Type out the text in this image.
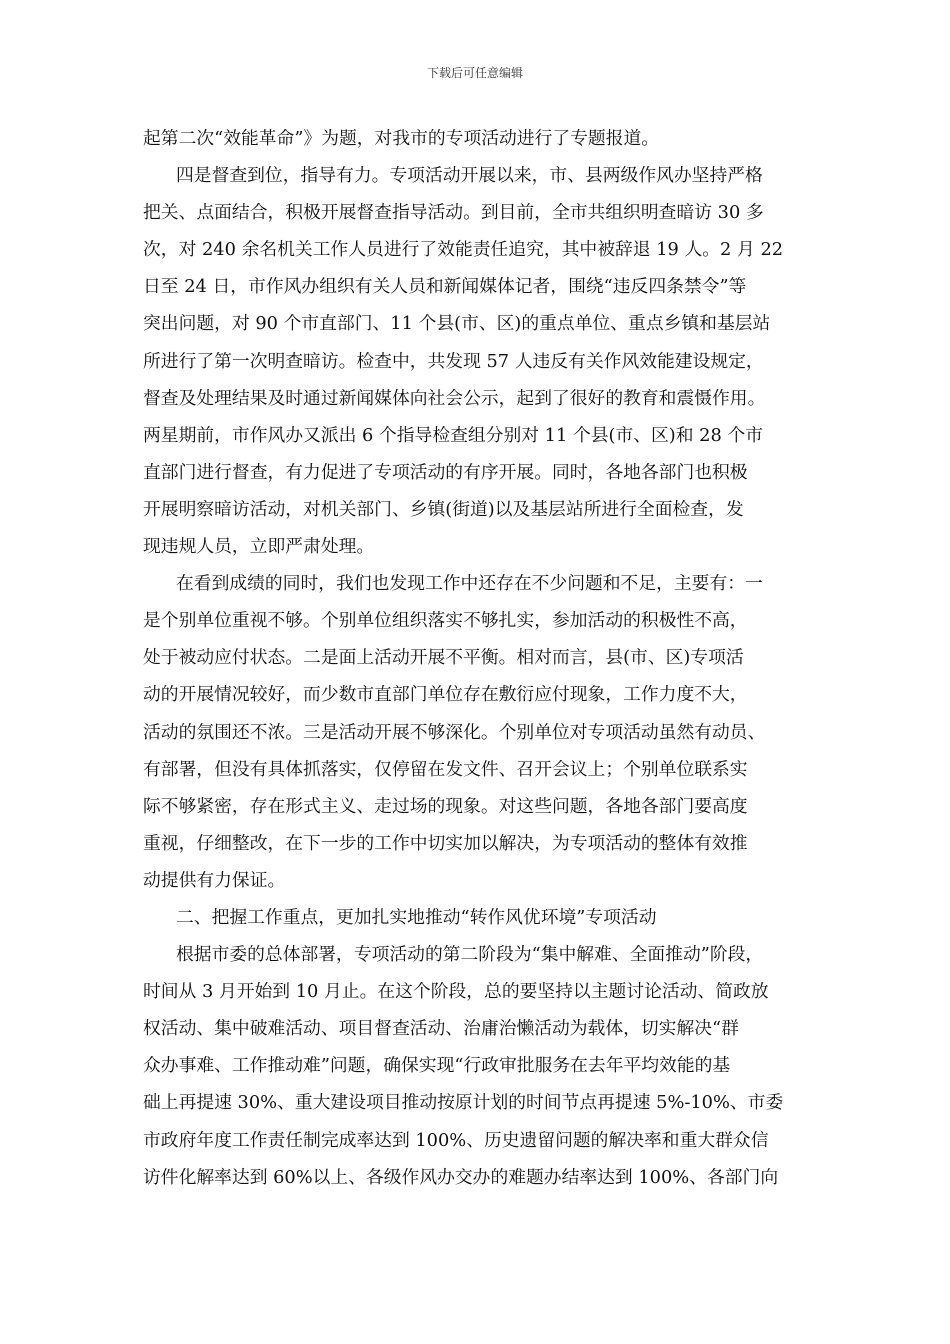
下载后可任意编辑
起第二次“效能革命”》为题，对我市的专项活动进行了专题报道。
四是督查到位，指导有力。专项活动开展以来，市、县两级作风办坚持严格
把关、点面结合，积极开展督查指导活动。到目前，全市共组织明查暗访 30 多
次，对 240 余名机关工作人员进行了效能责任追究，其中被辞退 19 人。2 月 22
日至 24 日，市作风办组织有关人员和新闻媒体记者，围绕“违反四条禁令”等
突出问题，对 90 个市直部门、11 个县(市、区)的重点单位、重点乡镇和基层站
所进行了第一次明查暗访。检查中，共发现 57 人违反有关作风效能建设规定，
督查及处理结果及时通过新闻媒体向社会公示，起到了很好的教育和震慑作用。
两星期前，市作风办又派出 6 个指导检查组分别对 11 个县(市、区)和 28 个市
直部门进行督查，有力促进了专项活动的有序开展。同时，各地各部门也积极
开展明察暗访活动，对机关部门、乡镇(街道)以及基层站所进行全面检查，发
现违规人员，立即严肃处理。
在看到成绩的同时，我们也发现工作中还存在不少问题和不足，主要有：一
是个别单位重视不够。个别单位组织落实不够扎实，参加活动的积极性不高，
处于被动应付状态。二是面上活动开展不平衡。相对而言，县(市、区)专项活
动的开展情况较好，而少数市直部门单位存在敷衍应付现象，工作力度不大，
活动的氛围还不浓。三是活动开展不够深化。个别单位对专项活动虽然有动员、
有部署，但没有具体抓落实，仅停留在发文件、召开会议上；个别单位联系实
际不够紧密，存在形式主义、走过场的现象。对这些问题，各地各部门要高度
重视，仔细整改，在下一步的工作中切实加以解决，为专项活动的整体有效推
动提供有力保证。
二、把握工作重点，更加扎实地推动“转作风优环境”专项活动
根据市委的总体部署，专项活动的第二阶段为“集中解难、全面推动”阶段，
时间从 3 月开始到 10 月止。在这个阶段，总的要坚持以主题讨论活动、简政放
权活动、集中破难活动、项目督查活动、治庸治懒活动为载体，切实解决“群
众办事难、工作推动难”问题，确保实现“行政审批服务在去年平均效能的基
础上再提速 30%、重大建设项目推动按原计划的时间节点再提速 5%-10%、市委
市政府年度工作责任制完成率达到 100%、历史遗留问题的解决率和重大群众信
访件化解率达到 60%以上、各级作风办交办的难题办结率达到 100%、各部门向
